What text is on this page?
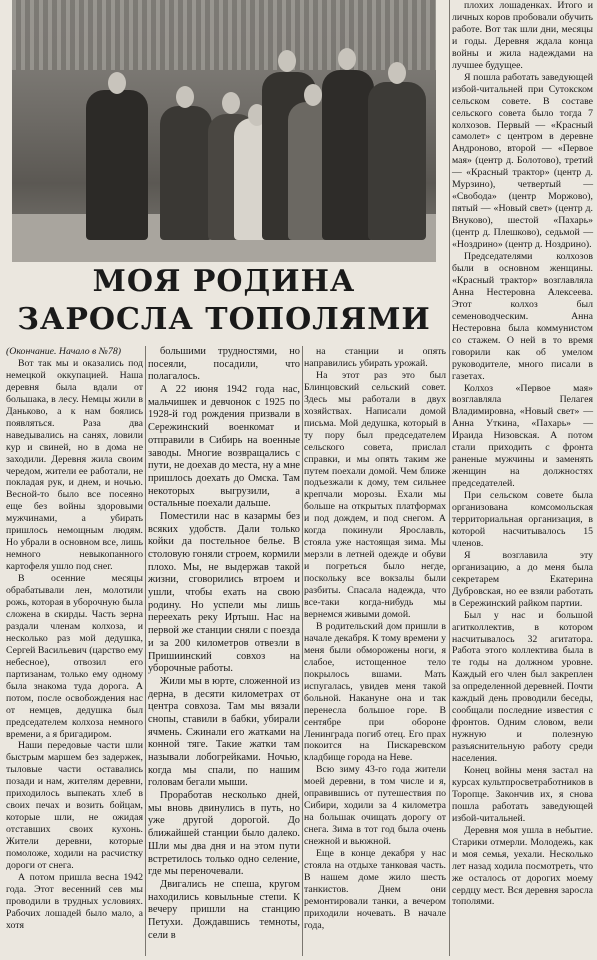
МОЯ РОДИНА
ЗАРОСЛА ТОПОЛЯМИ

(Окончание. Начало в №78)

Вот так мы и оказались под немецкой оккупацией. Наша деревня была вдали от большака, в лесу. Немцы жили в Даньково, а к нам боялись появляться. Раза два наведывались на санях, ловили кур и свиней, но в дома не заходили. Деревня жила своим чередом, жители ее работали, не покладая рук, и днем, и ночью. Весной-то было все посеяно еще без войны здоровыми мужчинами, а убирать пришлось немощным людям. Но убрали в основном все, лишь немного невыкопанного картофеля ушло под снег.

В осенние месяцы обрабатывали лен, молотили рожь, которая в уборочную была сложена в скирды. Часть зерна раздали членам колхоза, и несколько раз мой дедушка, Сергей Васильевич (царство ему небесное), отвозил его партизанам, только ему одному была знакома туда дорога. А потом, после освобождения нас от немцев, дедушка был председателем колхоза немного времени, а я бригадиром.

Наши передовые части шли быстрым маршем без задержек, тыловые части оставались позади и нам, жителям деревни, приходилось выпекать хлеб в своих печах и возить бойцам, которые шли, не ожидая отставших своих кухонь. Жители деревни, которые помоложе, ходили на расчистку дороги от снега.

А потом пришла весна 1942 года. Этот весенний сев мы проводили в трудных условиях. Рабочих лошадей было мало, а хотя

большими трудностями, но посеяли, посадили, что полагалось.

А 22 июня 1942 года нас, мальчишек и девчонок с 1925 по 1928-й год рождения призвали в Сережинский военкомат и отправили в Сибирь на военные заводы. Многие возвращались с пути, не доехав до места, ну а мне пришлось доехать до Омска. Там некоторых выгрузили, а остальные поехали дальше.

Поместили нас в казармы без всяких удобств. Дали только койки да постельное белье. В столовую гоняли строем, кормили плохо. Мы, не выдержав такой жизни, сговорились втроем и ушли, чтобы ехать на свою родину. Но успели мы лишь переехать реку Иртыш. Нас на первой же станции сняли с поезда и за 200 километров отвезли в Пришиинский совхоз на уборочные работы.

Жили мы в юрте, сложенной из дерна, в десяти километрах от центра совхоза. Там мы вязали снопы, ставили в бабки, убирали ячмень. Сжинали его жатками на конной тяге. Такие жатки там называли лобогрейками. Ночью, когда мы спали, по нашим головам бегали мыши.

Проработав несколько дней, мы вновь двинулись в путь, но уже другой дорогой. До ближайшей станции было далеко. Шли мы два дня и на этом пути встретилось только одно селение, где мы переночевали.

Двигались не спеша, кругом находились ковыльные степи. К вечеру пришли на станцию Петухи. Дождавшись темноты, сели в

на станции и опять направились убирать урожай.

На этот раз это был Блинцовский сельский совет. Здесь мы работали в двух хозяйствах. Написали домой письма. Мой дедушка, который в ту пору был председателем сельского совета, прислал справки, и мы опять таким же путем поехали домой. Чем ближе подъезжали к дому, тем сильнее крепчали морозы. Ехали мы больше на открытых платформах и под дождем, и под снегом. А когда покинули Ярославль, стояла уже настоящая зима. Мы мерзли в летней одежде и обуви и погреться было негде, поскольку все вокзалы были разбиты. Спасала надежда, что все-таки когда-нибудь мы вернемся живыми домой.

В родительский дом пришли в начале декабря. К тому времени у меня были обморожены ноги, я слабое, истощенное тело покрылось вшами. Мать испугалась, увидев меня такой больной. Накануне она и так перенесла большое горе. В сентябре при обороне Ленинграда погиб отец. Его прах покоится на Пискаревском кладбище города на Неве.

Всю зиму 43-го года жители моей деревни, в том числе и я, оправившись от путешествия по Сибири, ходили за 4 километра на большак очищать дорогу от снега. Зима в тот год была очень снежной и вьюжной.

Еще в конце декабря у нас стояла на отдыхе танковая часть. В нашем доме жило шесть танкистов. Днем они ремонтировали танки, а вечером приходили ночевать. В начале года,

плохих лошаденках. Итого и личных коров пробовали обучить работе. Вот так шли дни, месяцы и годы. Деревня ждала конца войны и жила надеждами на лучшее будущее.

Я пошла работать заведующей избой-читальней при Сутокском сельском совете. В составе сельского совета было тогда 7 колхозов. Первый — «Красный самолет» с центром в деревне Андроново, второй — «Первое мая» (центр д. Болотово), третий — «Красный трактор» (центр д. Мурзино), четвертый — «Свобода» (центр Моржово), пятый — «Новый свет» (центр д. Внуково), шестой «Пахарь» (центр д. Плешково), седьмой — «Ноздрино» (центр д. Ноздрино).

Председателями колхозов были в основном женщины. «Красный трактор» возглавляла Анна Нестеровна Алексеева. Этот колхоз был семеноводческим. Анна Нестеровна была коммунистом со стажем. О ней в то время говорили как об умелом руководителе, много писали в газетах.

Колхоз «Первое мая» возглавляла Пелагея Владимировна, «Новый свет» — Анна Уткина, «Пахарь» — Ираида Низовская. А потом стали приходить с фронта раненые мужчины и заменять женщин на должностях председателей.

При сельском совете была организована комсомольская территориальная организация, в которой насчитывалось 15 членов.

Я возглавила эту организацию, а до меня была секретарем Екатерина Дубровская, но ее взяли работать в Сережинский райком партии.

Был у нас и большой агитколлектив, в котором насчитывалось 32 агитатора. Работа этого коллектива была в те годы на должном уровне. Каждый его член был закреплен за определенной деревней. Почти каждый день проводили беседы, сообщали последние известия с фронтов. Одним словом, вели нужную и полезную разъяснительную работу среди населения.

Конец войны меня застал на курсах культпросветработников в Торопце. Закончив их, я снова пошла работать заведующей избой-читальней.

Деревня моя ушла в небытие. Старики отмерли. Молодежь, как и моя семья, уехали. Несколько лет назад ходила посмотреть, что же осталось от дорогих моему сердцу мест. Вся деревня заросла тополями.
